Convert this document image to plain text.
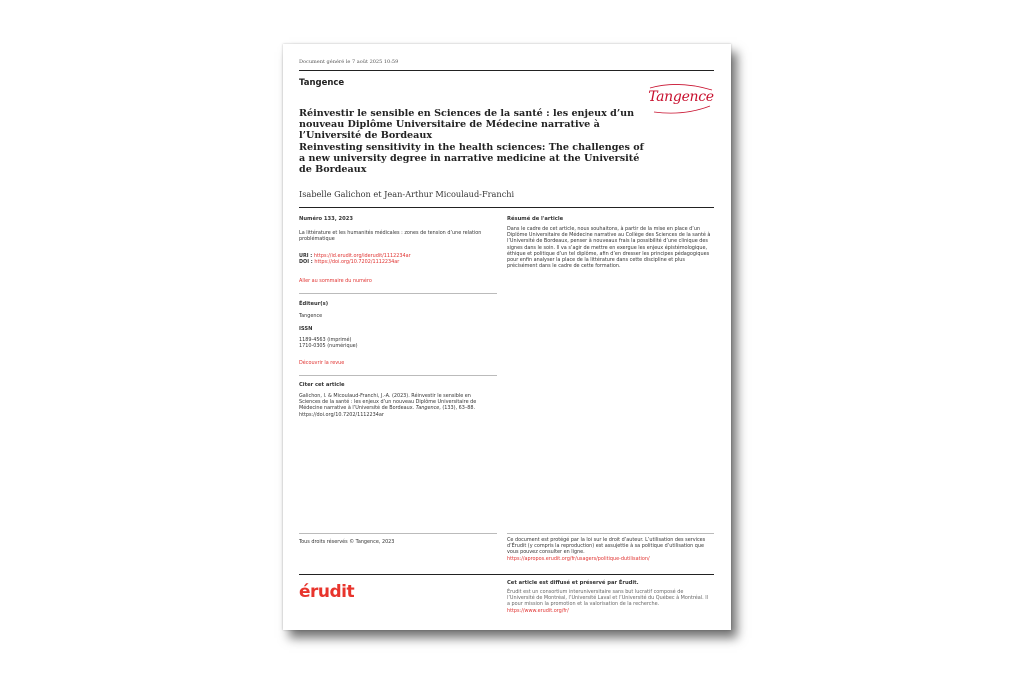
Document généré le 7 août 2025 10:59
Tangence
Tangence
Réinvestir le sensible en Sciences de la santé : les enjeux d’un nouveau Diplôme Universitaire de Médecine narrative à l’Université de Bordeaux
Reinvesting sensitivity in the health sciences: The challenges of a new university degree in narrative medicine at the Université de Bordeaux
Isabelle Galichon et Jean-Arthur Micoulaud-Franchi
Numéro 133, 2023
La littérature et les humanités médicales : zones de tension d’une relation problématique
URI : https://id.erudit.org/iderudit/1112234ar
DOI : https://doi.org/10.7202/1112234ar
Aller au sommaire du numéro
Éditeur(s)
Tangence
ISSN
1189-4563 (imprimé)
1710-0305 (numérique)
Découvrir la revue
Citer cet article
Galichon, I. & Micoulaud-Franchi, J.-A. (2023). Réinvestir le sensible en Sciences de la santé : les enjeux d’un nouveau Diplôme Universitaire de Médecine narrative à l’Université de Bordeaux. Tangence, (133), 63–88. https://doi.org/10.7202/1112234ar
Résumé de l'article
Dans le cadre de cet article, nous souhaitons, à partir de la mise en place d’un Diplôme Universitaire de Médecine narrative au Collège des Sciences de la santé à l’Université de Bordeaux, penser à nouveaux frais la possibilité d’une clinique des signes dans le soin. Il va s’agir de mettre en exergue les enjeux épistémologique, éthique et politique d’un tel diplôme, afin d’en dresser les principes pédagogiques pour enfin analyser la place de la littérature dans cette discipline et plus précisément dans le cadre de cette formation.
Tous droits réservés © Tangence, 2023	Ce document est protégé par la loi sur le droit d’auteur. L’utilisation des services d’Érudit (y compris la reproduction) est assujettie à sa politique d’utilisation que vous pouvez consulter en ligne.
https://apropos.erudit.org/fr/usagers/politique-dutilisation/
érudit	Cet article est diffusé et préservé par Érudit.
Érudit est un consortium interuniversitaire sans but lucratif composé de l’Université de Montréal, l’Université Laval et l’Université du Québec à Montréal. Il a pour mission la promotion et la valorisation de la recherche.
https://www.erudit.org/fr/
